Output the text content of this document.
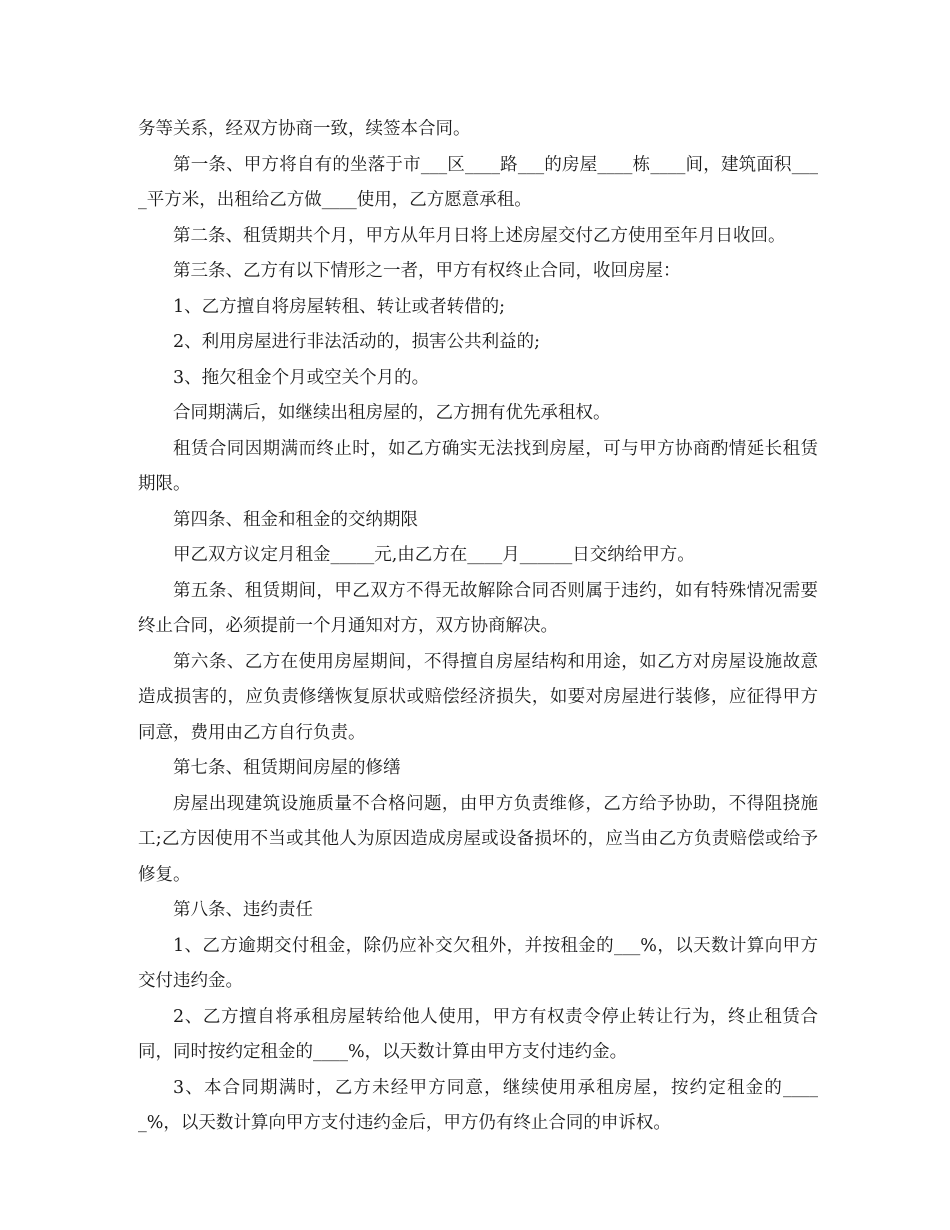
务等关系，经双方协商一致，续签本合同。

第一条、甲方将自有的坐落于市___区____路___的房屋____栋____间，建筑面积____平方米，出租给乙方做____使用，乙方愿意承租。

第二条、租赁期共个月，甲方从年月日将上述房屋交付乙方使用至年月日收回。

第三条、乙方有以下情形之一者，甲方有权终止合同，收回房屋：

1、乙方擅自将房屋转租、转让或者转借的;

2、利用房屋进行非法活动的，损害公共利益的;

3、拖欠租金个月或空关个月的。

合同期满后，如继续出租房屋的，乙方拥有优先承租权。

租赁合同因期满而终止时，如乙方确实无法找到房屋，可与甲方协商酌情延长租赁期限。

第四条、租金和租金的交纳期限

甲乙双方议定月租金_____元,由乙方在____月______日交纳给甲方。

第五条、租赁期间，甲乙双方不得无故解除合同否则属于违约，如有特殊情况需要终止合同，必须提前一个月通知对方，双方协商解决。

第六条、乙方在使用房屋期间，不得擅自房屋结构和用途，如乙方对房屋设施故意造成损害的，应负责修缮恢复原状或赔偿经济损失，如要对房屋进行装修，应征得甲方同意，费用由乙方自行负责。

第七条、租赁期间房屋的修缮

房屋出现建筑设施质量不合格问题，由甲方负责维修，乙方给予协助，不得阻挠施工;乙方因使用不当或其他人为原因造成房屋或设备损坏的，应当由乙方负责赔偿或给予修复。

第八条、违约责任

1、乙方逾期交付租金，除仍应补交欠租外，并按租金的___%，以天数计算向甲方交付违约金。

2、乙方擅自将承租房屋转给他人使用，甲方有权责令停止转让行为，终止租赁合同，同时按约定租金的____%，以天数计算由甲方支付违约金。

3、本合同期满时，乙方未经甲方同意，继续使用承租房屋，按约定租金的_____%，以天数计算向甲方支付违约金后，甲方仍有终止合同的申诉权。
